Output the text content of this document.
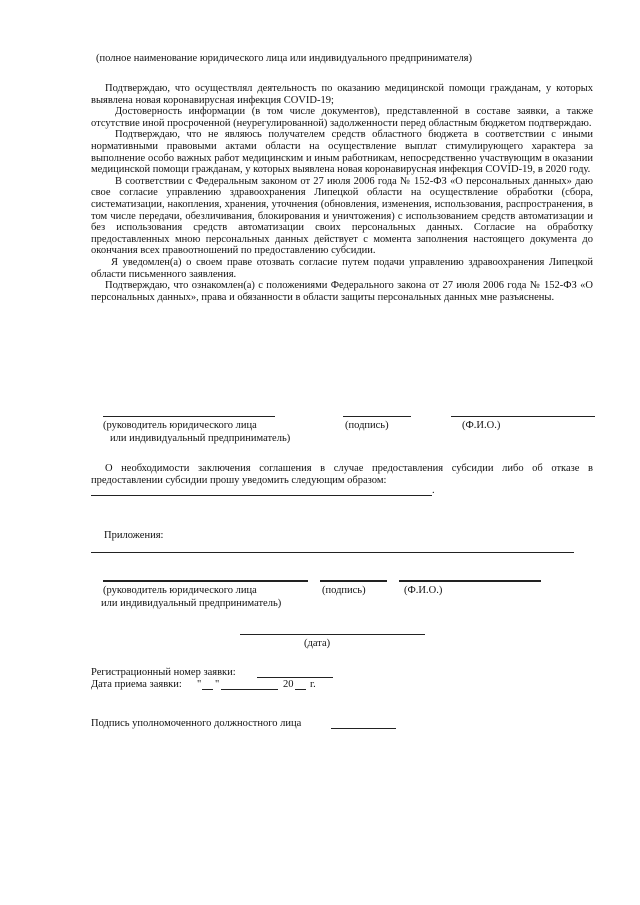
(полное наименование юридического лица или индивидуального предпринимателя)

Подтверждаю, что осуществлял деятельность по оказанию медицинской помощи гражданам, у которых выявлена новая коронавирусная инфекция COVID-19;

Достоверность информации (в том числе документов), представленной в составе заявки, а также отсутствие иной просроченной (неурегулированной) задолженности перед областным бюджетом подтверждаю.

Подтверждаю, что не являюсь получателем средств областного бюджета в соответствии с иными нормативными правовыми актами области на осуществление выплат стимулирующего характера за выполнение особо важных работ медицинским и иным работникам, непосредственно участвующим в оказании медицинской помощи гражданам, у которых выявлена новая коронавирусная инфекция COVID-19, в 2020 году.

В соответствии с Федеральным законом от 27 июля 2006 года № 152-ФЗ «О персональных данных» даю свое согласие управлению здравоохранения Липецкой области на осуществление обработки (сбора, систематизации, накопления, хранения, уточнения (обновления, изменения, использования, распространения, в том числе передачи, обезличивания, блокирования и уничтожения) с использованием средств автоматизации и без использования средств автоматизации своих персональных данных. Согласие на обработку предоставленных мною персональных данных действует с момента заполнения настоящего документа до окончания всех правоотношений по предоставлению субсидии.

Я уведомлен(а) о своем праве отозвать согласие путем подачи управлению здравоохранения Липецкой области письменного заявления.

Подтверждаю, что ознакомлен(а) с положениями Федерального закона от 27 июля 2006 года № 152-ФЗ «О персональных данных», права и обязанности в области защиты персональных данных мне разъяснены.

(руководитель юридического лица
или индивидуальный предприниматель)
(подпись)	(Ф.И.О.)
О необходимости заключения соглашения в случае предоставления субсидии либо об отказе в предоставлении субсидии прошу уведомить следующим образом:
.
Приложения:
(руководитель юридического лица
или индивидуальный предприниматель)
(подпись)	(Ф.И.О.)
(дата)
Регистрационный номер заявки:
Дата приема заявки: " "	20 г.
Подпись уполномоченного должностного лица
